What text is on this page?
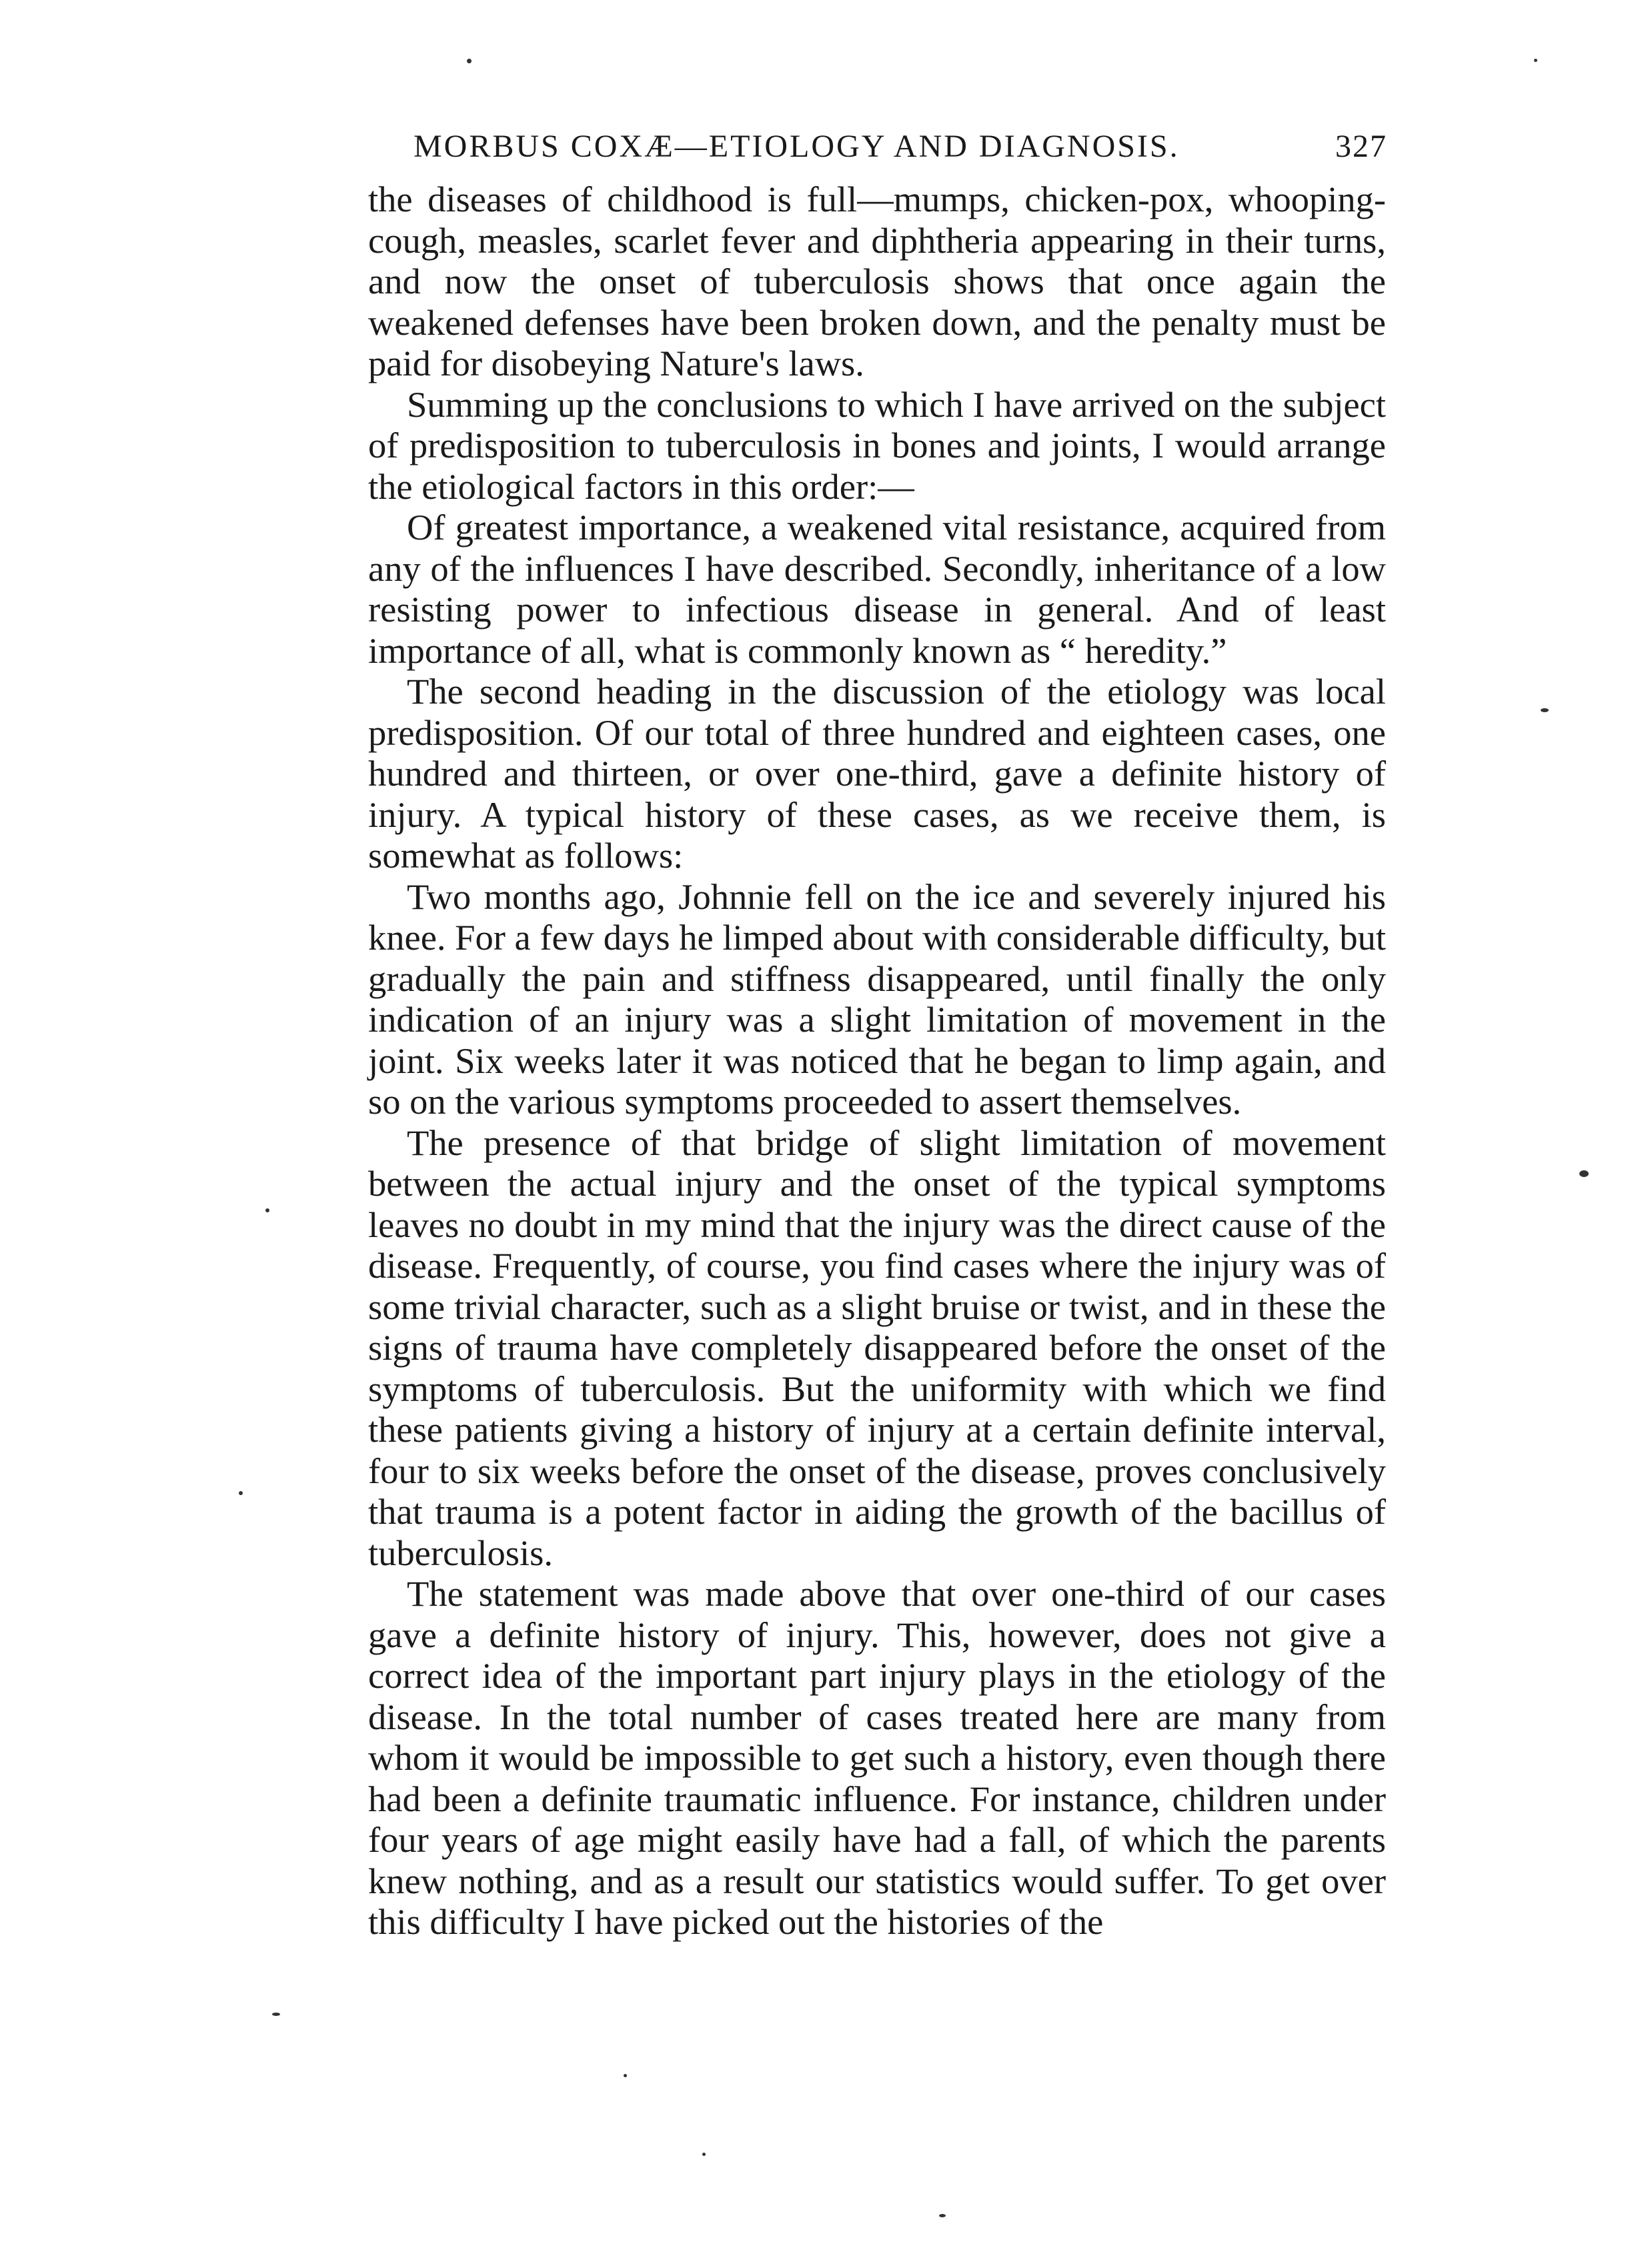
MORBUS COXÆ—ETIOLOGY AND DIAGNOSIS.	327

the diseases of childhood is full—mumps, chicken-pox, whooping-cough, measles, scarlet fever and diphtheria appearing in their turns, and now the onset of tuberculosis shows that once again the weakened defenses have been broken down, and the penalty must be paid for disobeying Nature's laws.

Summing up the conclusions to which I have arrived on the subject of predisposition to tuberculosis in bones and joints, I would arrange the etiological factors in this order:—

Of greatest importance, a weakened vital resistance, acquired from any of the influences I have described. Secondly, inheritance of a low resisting power to infectious disease in general. And of least importance of all, what is commonly known as “ heredity.”

The second heading in the discussion of the etiology was local predisposition. Of our total of three hundred and eighteen cases, one hundred and thirteen, or over one-third, gave a definite history of injury. A typical history of these cases, as we receive them, is somewhat as follows:

Two months ago, Johnnie fell on the ice and severely injured his knee. For a few days he limped about with considerable difficulty, but gradually the pain and stiffness disappeared, until finally the only indication of an injury was a slight limitation of movement in the joint. Six weeks later it was noticed that he began to limp again, and so on the various symptoms proceeded to assert themselves.

The presence of that bridge of slight limitation of movement between the actual injury and the onset of the typical symptoms leaves no doubt in my mind that the injury was the direct cause of the disease. Frequently, of course, you find cases where the injury was of some trivial character, such as a slight bruise or twist, and in these the signs of trauma have completely disappeared before the onset of the symptoms of tuberculosis. But the uniformity with which we find these patients giving a history of injury at a certain definite interval, four to six weeks before the onset of the disease, proves conclusively that trauma is a potent factor in aiding the growth of the bacillus of tuberculosis.

The statement was made above that over one-third of our cases gave a definite history of injury. This, however, does not give a correct idea of the important part injury plays in the etiology of the disease. In the total number of cases treated here are many from whom it would be impossible to get such a history, even though there had been a definite traumatic influence. For instance, children under four years of age might easily have had a fall, of which the parents knew nothing, and as a result our statistics would suffer. To get over this difficulty I have picked out the histories of the
